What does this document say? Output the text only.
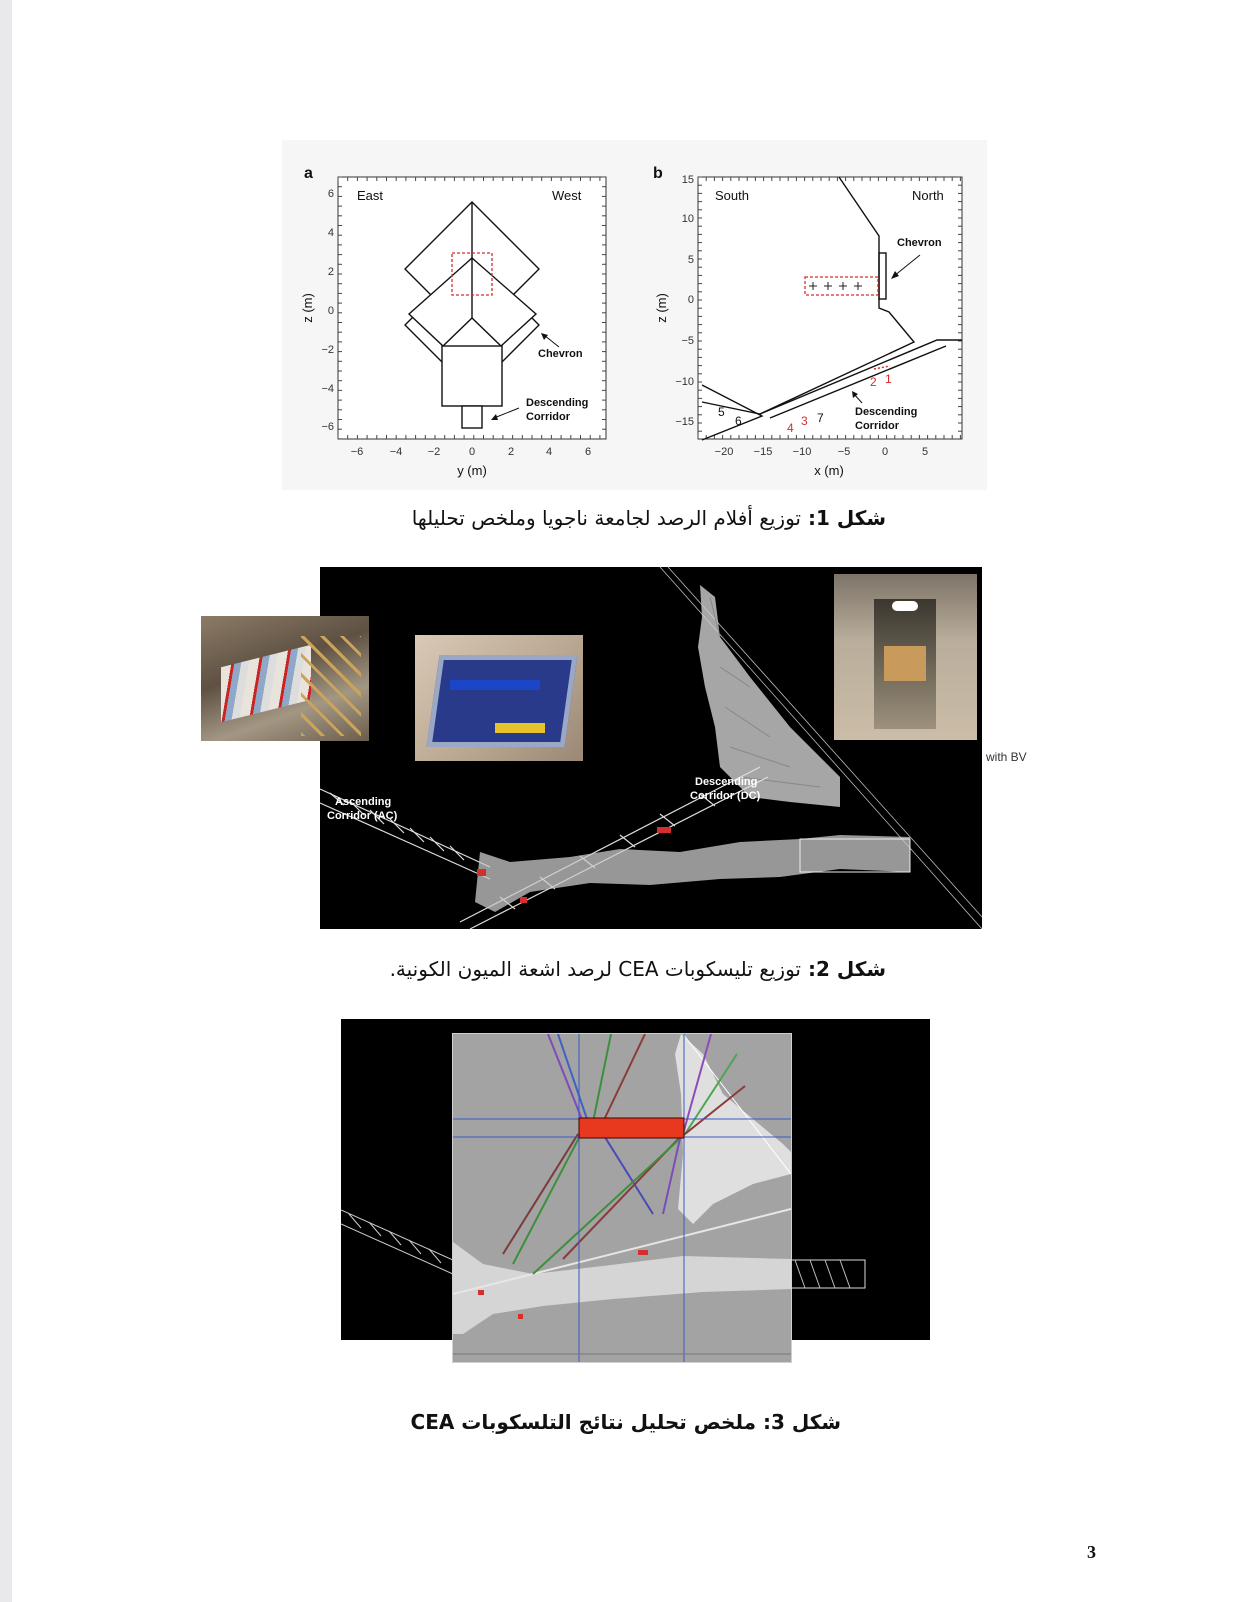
a
East	West
6
4
2
0
−2
−4
−6
−6 −4 −2	0	2	4	6
y (m)
z (m)
Chevron
Descending
Corridor
b
South	North
15
10
5
0
−5
−10
−15
−20 −15 −10 −5	0	5
x (m)
z (m)
Chevron
Descending
Corridor
2 1
5
6	4 3 7
شكل 1: توزيع أفلام الرصد لجامعة ناجويا وملخص تحليلها
Descending
Corridor (DC)
Ascending
Corridor (AC)
with BV
شكل 2: توزيع تليسكوبات CEA لرصد اشعة الميون الكونية.
شكل 3: ملخص تحليل نتائج التلسكوبات CEA
3
